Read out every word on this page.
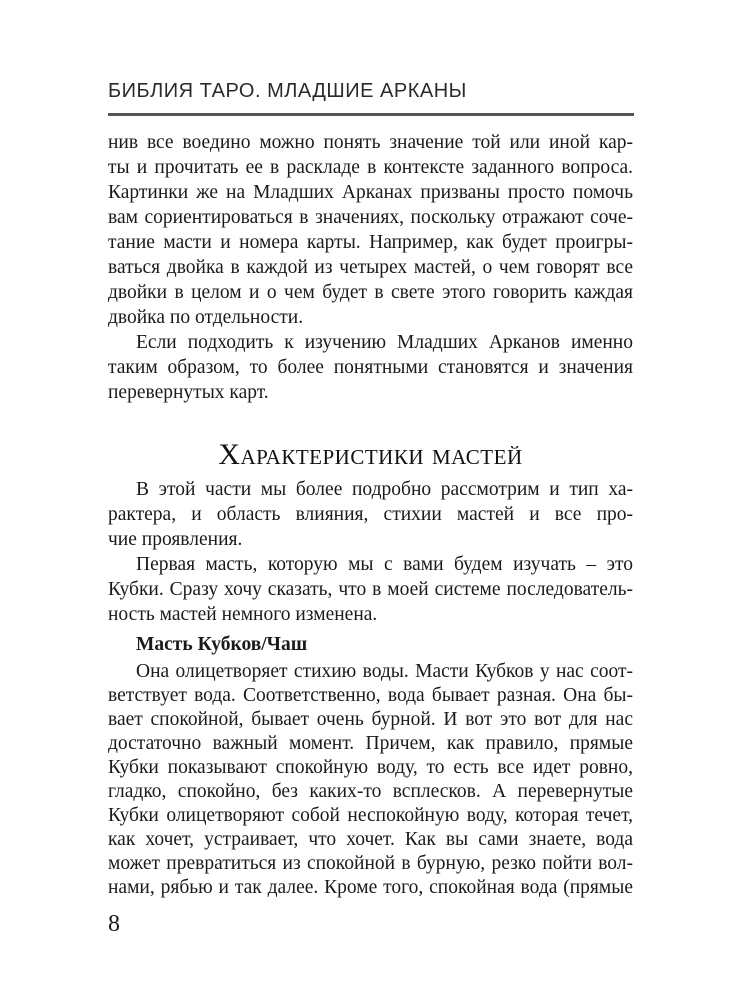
БИБЛИЯ ТАРО. МЛАДШИЕ АРКАНЫ
нив все воедино можно понять значение той или иной кар-
ты и прочитать ее в раскладе в контексте заданного вопроса.
Картинки же на Младших Арканах призваны просто помочь
вам сориентироваться в значениях, поскольку отражают соче-
тание масти и номера карты. Например, как будет проигры-
ваться двойка в каждой из четырех мастей, о чем говорят все
двойки в целом и о чем будет в свете этого говорить каждая
двойка по отдельности.
Если подходить к изучению Младших Арканов именно
таким образом, то более понятными становятся и значения
перевернутых карт.
Характеристики мастей
В этой части мы более подробно рассмотрим и тип ха-
рактера, и область влияния, стихии мастей и все про-
чие проявления.
Первая масть, которую мы с вами будем изучать – это
Кубки. Сразу хочу сказать, что в моей системе последователь-
ность мастей немного изменена.
Масть Кубков/Чаш
Она олицетворяет стихию воды. Масти Кубков у нас соот-
ветствует вода. Соответственно, вода бывает разная. Она бы-
вает спокойной, бывает очень бурной. И вот это вот для нас
достаточно важный момент. Причем, как правило, прямые
Кубки показывают спокойную воду, то есть все идет ровно,
гладко, спокойно, без каких-то всплесков. А перевернутые
Кубки олицетворяют собой неспокойную воду, которая течет,
как хочет, устраивает, что хочет. Как вы сами знаете, вода
может превратиться из спокойной в бурную, резко пойти вол-
нами, рябью и так далее. Кроме того, спокойная вода (прямые
8
